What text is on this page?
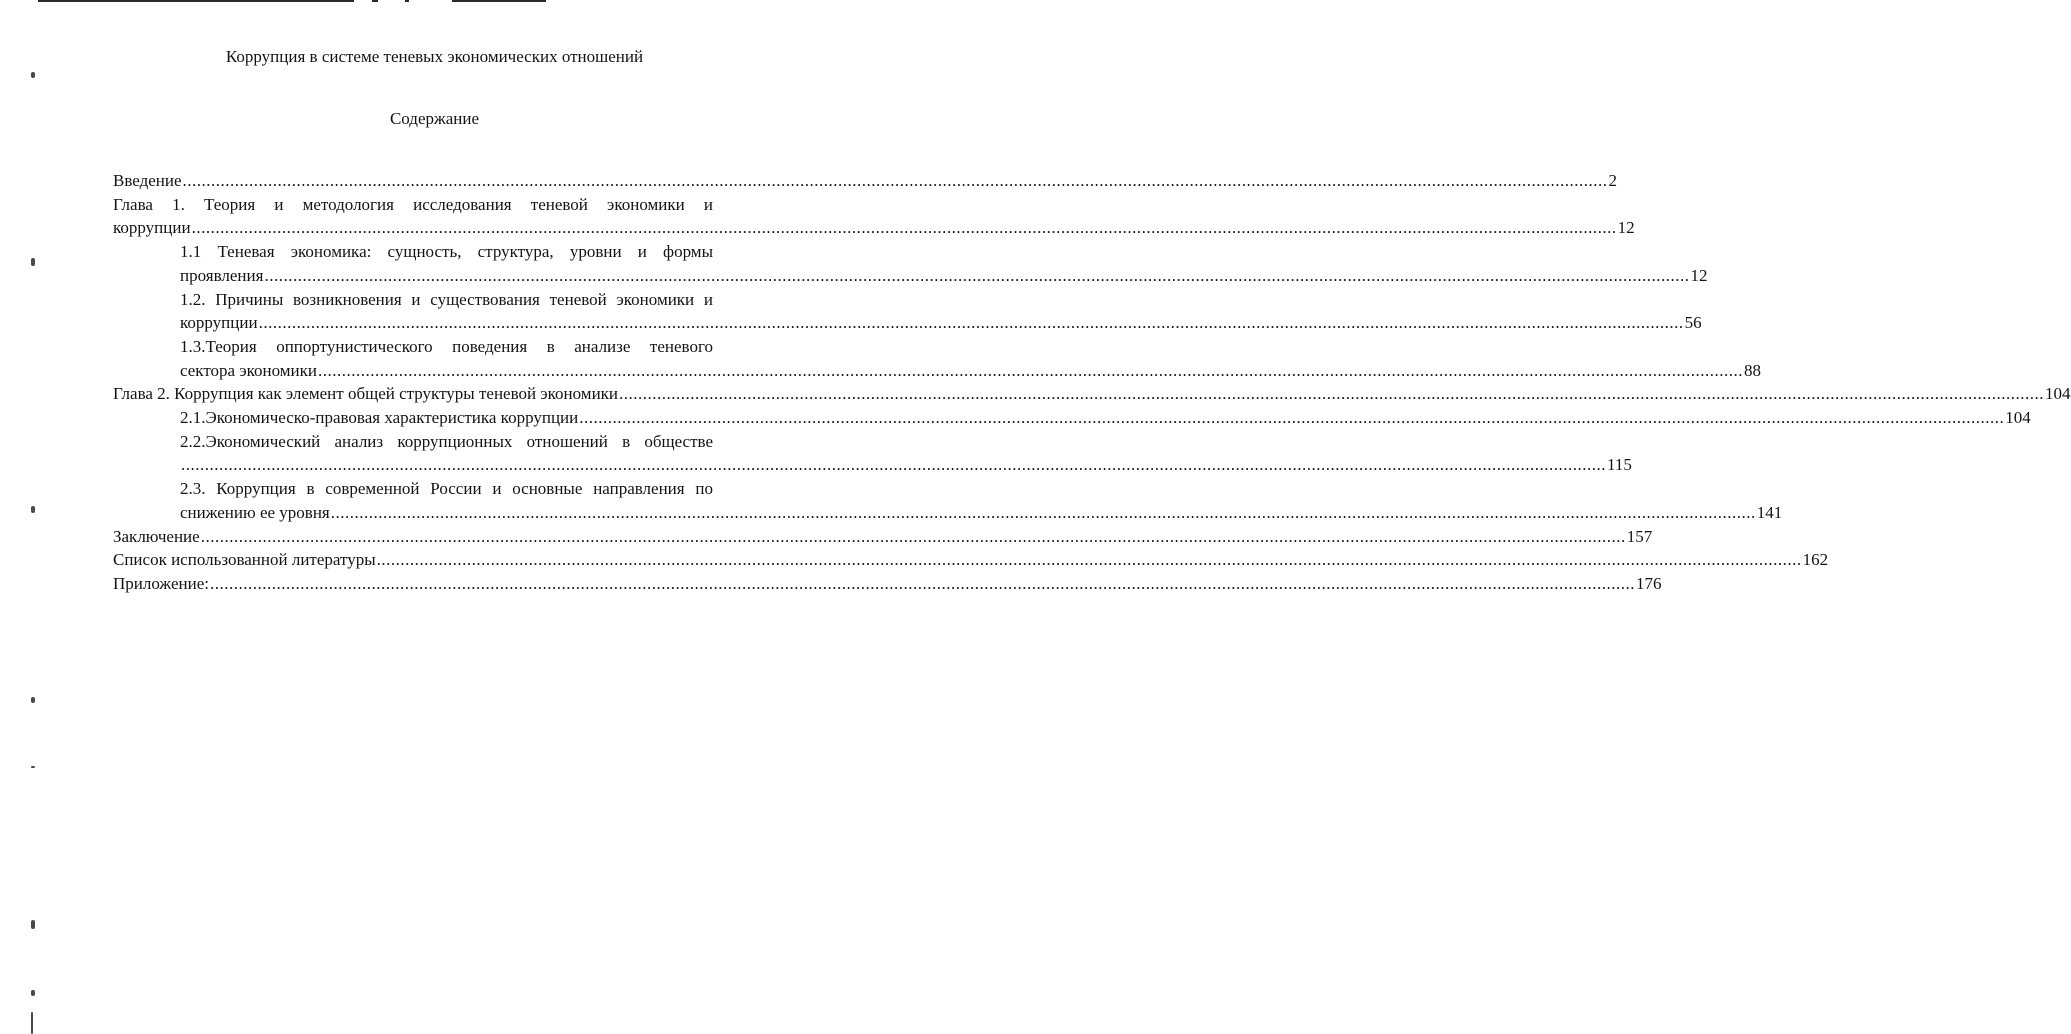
Коррупция в системе теневых экономических отношений
Содержание
Введение ............................................................................................................................................................................................................................................................................................................ 2
Глава 1. Теория и методология исследования теневой экономики и
коррупции ............................................................................................................................................................................................................................................................................................................ 12
1.1 Теневая экономика: сущность, структура, уровни и формы
проявления ............................................................................................................................................................................................................................................................................................................ 12
1.2. Причины возникновения и существования теневой экономики и
коррупции ............................................................................................................................................................................................................................................................................................................ 56
1.3.Теория оппортунистического поведения в анализе теневого
сектора экономики ............................................................................................................................................................................................................................................................................................................ 88
Глава 2. Коррупция как элемент общей структуры теневой экономики ............................................................................................................................................................................................................................................................................................................ 104
2.1.Экономическо-правовая характеристика коррупции ............................................................................................................................................................................................................................................................................................................ 104
2.2.Экономический анализ коррупционных отношений в обществе
............................................................................................................................................................................................................................................................................................................ 115
2.3. Коррупция в современной России и основные направления по
снижению ее уровня ............................................................................................................................................................................................................................................................................................................ 141
Заключение ............................................................................................................................................................................................................................................................................................................ 157
Список использованной литературы ............................................................................................................................................................................................................................................................................................................ 162
Приложение: ............................................................................................................................................................................................................................................................................................................ 176
